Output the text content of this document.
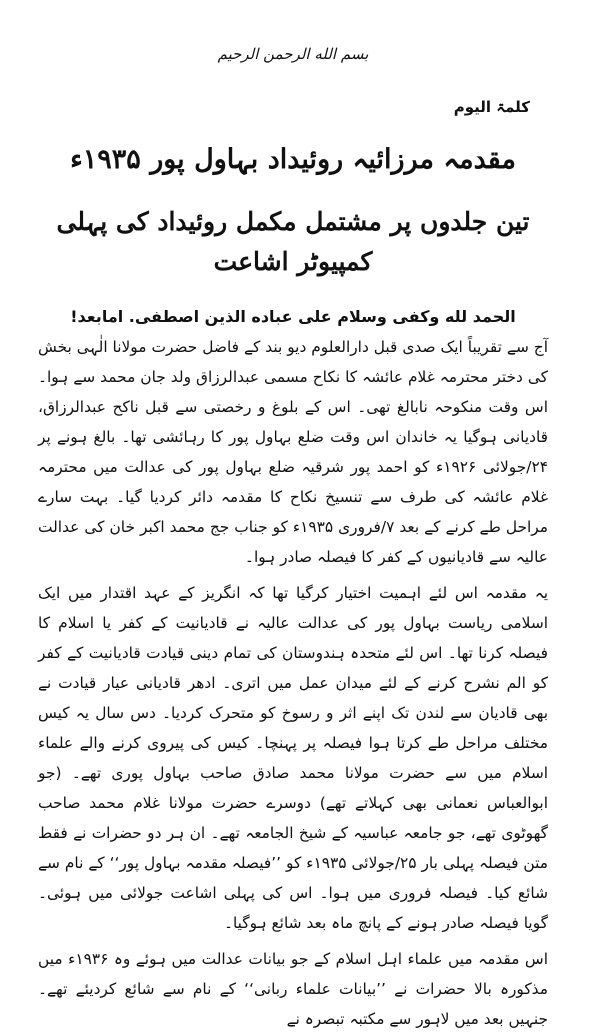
بسم الله الرحمن الرحیم
کلمۃ الیوم
مقدمہ مرزائیہ روئیداد بہاول پور ۱۹۳۵ء
تین جلدوں پر مشتمل مکمل روئیداد کی پہلی کمپیوٹر اشاعت
الحمد لله وكفى وسلام على عباده الذين اصطفى. امابعد!

آج سے تقریباً ایک صدی قبل دارالعلوم دیو بند کے فاضل حضرت مولانا الٰہی بخش کی دختر محترمہ غلام عائشہ کا نکاح مسمی عبدالرزاق ولد جان محمد سے ہوا۔ اس وقت منکوحہ نابالغ تھی۔ اس کے بلوغ و رخصتی سے قبل ناکح عبدالرزاق، قادیانی ہوگیا یہ خاندان اس وقت ضلع بہاول پور کا رہائشی تھا۔ بالغ ہونے پر ۲۴/جولائی ۱۹۲۶ء کو احمد پور شرقیہ ضلع بہاول پور کی عدالت میں محترمہ غلام عائشہ کی طرف سے تنسیخ نکاح کا مقدمہ دائر کردیا گیا۔ بہت سارے مراحل طے کرنے کے بعد ۷/فروری ۱۹۳۵ء کو جناب جج محمد اکبر خان کی عدالت عالیہ سے قادیانیوں کے کفر کا فیصلہ صادر ہوا۔

یہ مقدمہ اس لئے اہمیت اختیار کرگیا تھا کہ انگریز کے عہد اقتدار میں ایک اسلامی ریاست بہاول پور کی عدالت عالیہ نے قادیانیت کے کفر یا اسلام کا فیصلہ کرنا تھا۔ اس لئے متحدہ ہندوستان کی تمام دینی قیادت قادیانیت کے کفر کو الم نشرح کرنے کے لئے میدان عمل میں اتری۔ ادھر قادیانی عیار قیادت نے بھی قادیان سے لندن تک اپنے اثر و رسوخ کو متحرک کردیا۔ دس سال یہ کیس مختلف مراحل طے کرتا ہوا فیصلہ پر پہنچا۔ کیس کی پیروی کرنے والے علماء اسلام میں سے حضرت مولانا محمد صادق صاحب بہاول پوری تھے۔ (جو ابوالعباس نعمانی بھی کہلاتے تھے) دوسرے حضرت مولانا غلام محمد صاحب گھوٹوی تھے، جو جامعہ عباسیہ کے شیخ الجامعہ تھے۔ ان ہر دو حضرات نے فقط متن فیصلہ پہلی بار ۲۵/جولائی ۱۹۳۵ء کو ’’فیصلہ مقدمہ بہاول پور‘‘ کے نام سے شائع کیا۔ فیصلہ فروری میں ہوا۔ اس کی پہلی اشاعت جولائی میں ہوئی۔ گویا فیصلہ صادر ہونے کے پانچ ماہ بعد شائع ہوگیا۔

اس مقدمہ میں علماء اہل اسلام کے جو بیانات عدالت میں ہوئے وہ ۱۹۳۶ء میں مذکورہ بالا حضرات نے ’’بیانات علماء ربانی‘‘ کے نام سے شائع کردیئے تھے۔ جنہیں بعد میں لاہور سے مکتبہ تبصرہ نے
